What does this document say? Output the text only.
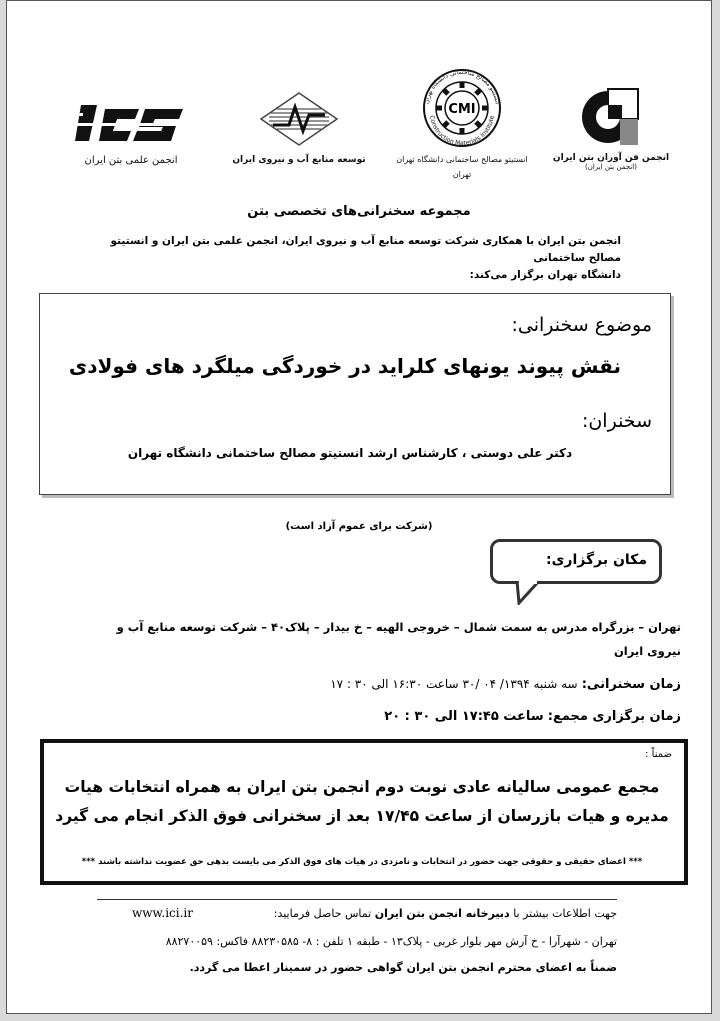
انجمن علمی بتن ایران	توسعه منابع آب و نیروی ایران
CMI
انستیتو مصالح ساختمانی دانشگاه تهران
Construction Materials Institute
انستیتو مصالح ساختمانی دانشگاه تهران
تهران
انجمن فن آوران بتن ایران
(انجمن بتن ایران)
مجموعه سخنرانی‌های تخصصی بتن
انجمن بتن ایران با همکاری شرکت توسعه منابع آب و نیروی ایران، انجمن علمی بتن ایران و انستیتو مصالح ساختمانی
دانشگاه تهران برگزار می‌کند:
موضوع سخنرانی:
نقش پیوند یونهای کلراید در خوردگی میلگرد های فولادی
سخنران:
دکتر علی دوستی ، کارشناس ارشد انستیتو مصالح ساختمانی دانشگاه تهران
(شرکت برای عموم آزاد است)
مکان برگزاری:
تهران – بزرگراه مدرس به سمت شمال – خروجی الهیه – خ بیدار – پلاک۴۰ – شرکت توسعه منابع آب و
نیروی ایران
زمان سخنرانی: سه شنبه ۱۳۹۴/ ۰۴ /۳۰ ساعت ۱۶:۳۰ الی ۳۰ : ۱۷
زمان برگزاری مجمع: ساعت ۱۷:۴۵ الی ۳۰ : ۲۰
ضمناً :
مجمع عمومی سالیانه عادی نوبت دوم انجمن بتن ایران به همراه انتخابات هیات
مدیره و هیات بازرسان از ساعت ۱۷/۴۵ بعد از سخنرانی فوق الذکر انجام می گیرد
*** اعضای حقیقی و حقوقی جهت حضور در انتخابات و نامزدی در هیات های فوق الذکر می بایست بدهی حق عضویت نداشته باشند ***
جهت اطلاعات بیشتر با دبیرخانه انجمن بتن ایران تماس حاصل فرمایید:
www.ici.ir
تهران - شهرآرا - خ آرش مهر بلوار غربی - پلاک۱۳ - طبقه ۱ تلفن : ۸- ۸۸۲۳۰۵۸۵ فاکس: ۸۸۲۷۰۰۵۹
ضمناً به اعضای محترم انجمن بتن ایران گواهی حضور در سمینار اعطا می گردد.
